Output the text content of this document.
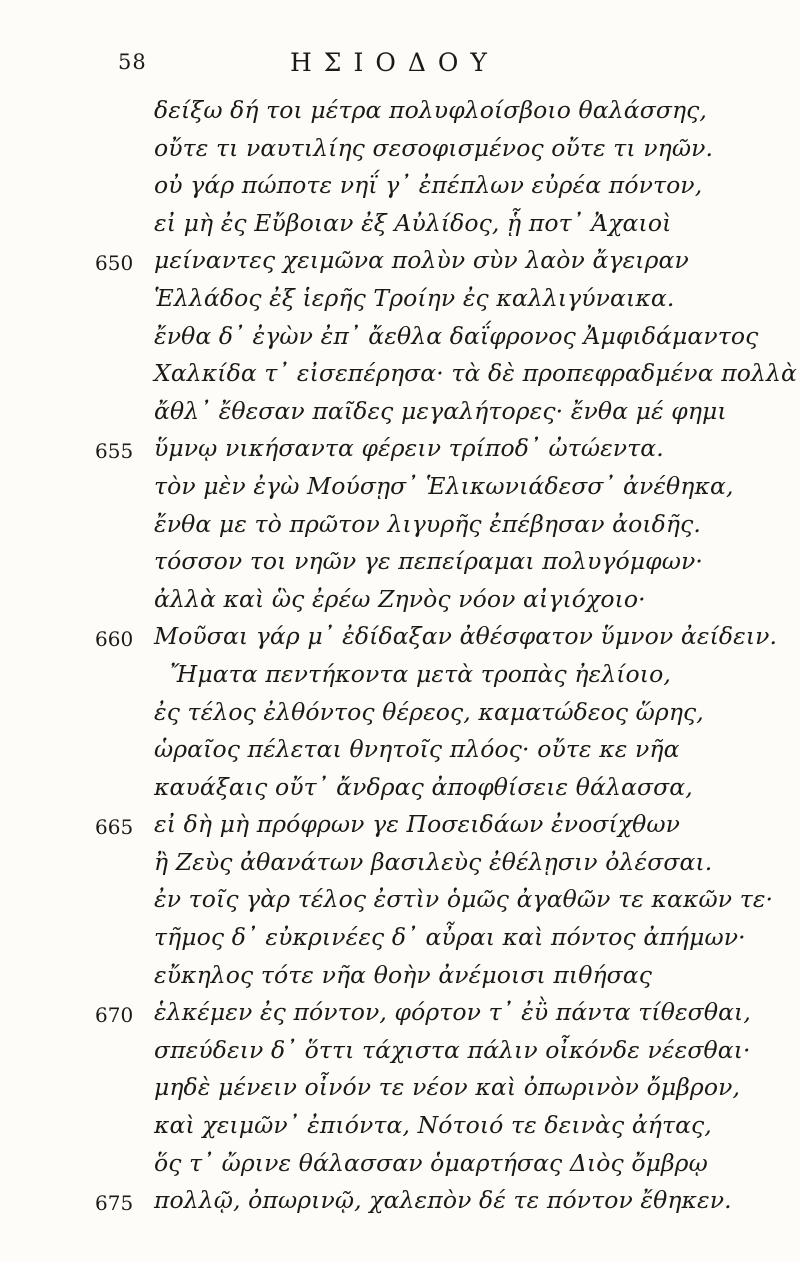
58	ΗΣΙΟΔΟΥ
δείξω δή τοι μέτρα πολυφλοίσβοιο θαλάσσης,
οὔτε τι ναυτιλίης σεσοφισμένος οὔτε τι νηῶν.
οὐ γάρ πώποτε νηΐ γ᾽ ἐπέπλων εὐρέα πόντον,
εἰ μὴ ἐς Εὔβοιαν ἐξ Αὐλίδος, ᾗ ποτ᾽ Ἀχαιοὶ
650 μείναντες χειμῶνα πολὺν σὺν λαὸν ἄγειραν
Ἑλλάδος ἐξ ἱερῆς Τροίην ἐς καλλιγύναικα.
ἔνθα δ᾽ ἐγὼν ἐπ᾽ ἄεθλα δαΐφρονος Ἀμφιδάμαντος
Χαλκίδα τ᾽ εἰσεπέρησα· τὰ δὲ προπεφραδμένα πολλὰ
ἄθλ᾽ ἔθεσαν παῖδες μεγαλήτορες· ἔνθα μέ φημι
655 ὕμνῳ νικήσαντα φέρειν τρίποδ᾽ ὠτώεντα.
τὸν μὲν ἐγὼ Μούσῃσ᾽ Ἑλικωνιάδεσσ᾽ ἀνέθηκα,
ἔνθα με τὸ πρῶτον λιγυρῆς ἐπέβησαν ἀοιδῆς.
τόσσον τοι νηῶν γε πεπείραμαι πολυγόμφων·
ἀλλὰ καὶ ὣς ἐρέω Ζηνὸς νόον αἰγιόχοιο·
660 Μοῦσαι γάρ μ᾽ ἐδίδαξαν ἀθέσφατον ὕμνον ἀείδειν.
Ἤματα πεντήκοντα μετὰ τροπὰς ἠελίοιο,
ἐς τέλος ἐλθόντος θέρεος, καματώδεος ὥρης,
ὡραῖος πέλεται θνητοῖς πλόος· οὔτε κε νῆα
καυάξαις οὔτ᾽ ἄνδρας ἀποφθίσειε θάλασσα,
665 εἰ δὴ μὴ πρόφρων γε Ποσειδάων ἐνοσίχθων
ἢ Ζεὺς ἀθανάτων βασιλεὺς ἐθέλῃσιν ὀλέσσαι.
ἐν τοῖς γὰρ τέλος ἐστὶν ὁμῶς ἀγαθῶν τε κακῶν τε·
τῆμος δ᾽ εὐκρινέες δ᾽ αὖραι καὶ πόντος ἀπήμων·
εὔκηλος τότε νῆα θοὴν ἀνέμοισι πιθήσας
670 ἑλκέμεν ἐς πόντον, φόρτον τ᾽ ἐῢ πάντα τίθεσθαι,
σπεύδειν δ᾽ ὅττι τάχιστα πάλιν οἶκόνδε νέεσθαι·
μηδὲ μένειν οἶνόν τε νέον καὶ ὀπωρινὸν ὄμβρον,
καὶ χειμῶν᾽ ἐπιόντα, Νότοιό τε δεινὰς ἀήτας,
ὅς τ᾽ ὤρινε θάλασσαν ὁμαρτήσας Διὸς ὄμβρῳ
675 πολλῷ, ὀπωρινῷ, χαλεπὸν δέ τε πόντον ἔθηκεν.
